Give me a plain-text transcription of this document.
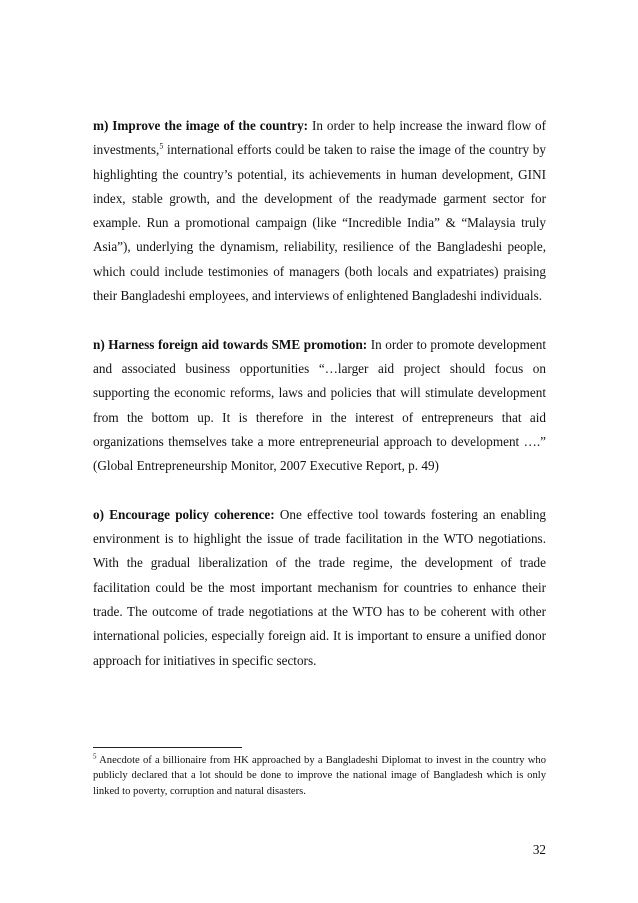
m) Improve the image of the country: In order to help increase the inward flow of investments,$^5$ international efforts could be taken to raise the image of the country by highlighting the country’s potential, its achievements in human development, GINI index, stable growth, and the development of the readymade garment sector for example. Run a promotional campaign (like “Incredible India” & “Malaysia truly Asia”), underlying the dynamism, reliability, resilience of the Bangladeshi people, which could include testimonies of managers (both locals and expatriates) praising their Bangladeshi employees, and interviews of enlightened Bangladeshi individuals.

n) Harness foreign aid towards SME promotion: In order to promote development and associated business opportunities “…larger aid project should focus on supporting the economic reforms, laws and policies that will stimulate development from the bottom up. It is therefore in the interest of entrepreneurs that aid organizations themselves take a more entrepreneurial approach to development ….” (Global Entrepreneurship Monitor, 2007 Executive Report, p. 49)

o) Encourage policy coherence: One effective tool towards fostering an enabling environment is to highlight the issue of trade facilitation in the WTO negotiations. With the gradual liberalization of the trade regime, the development of trade facilitation could be the most important mechanism for countries to enhance their trade. The outcome of trade negotiations at the WTO has to be coherent with other international policies, especially foreign aid. It is important to ensure a unified donor approach for initiatives in specific sectors.

$^5$ Anecdote of a billionaire from HK approached by a Bangladeshi Diplomat to invest in the country who publicly declared that a lot should be done to improve the national image of Bangladesh which is only linked to poverty, corruption and natural disasters.

32
